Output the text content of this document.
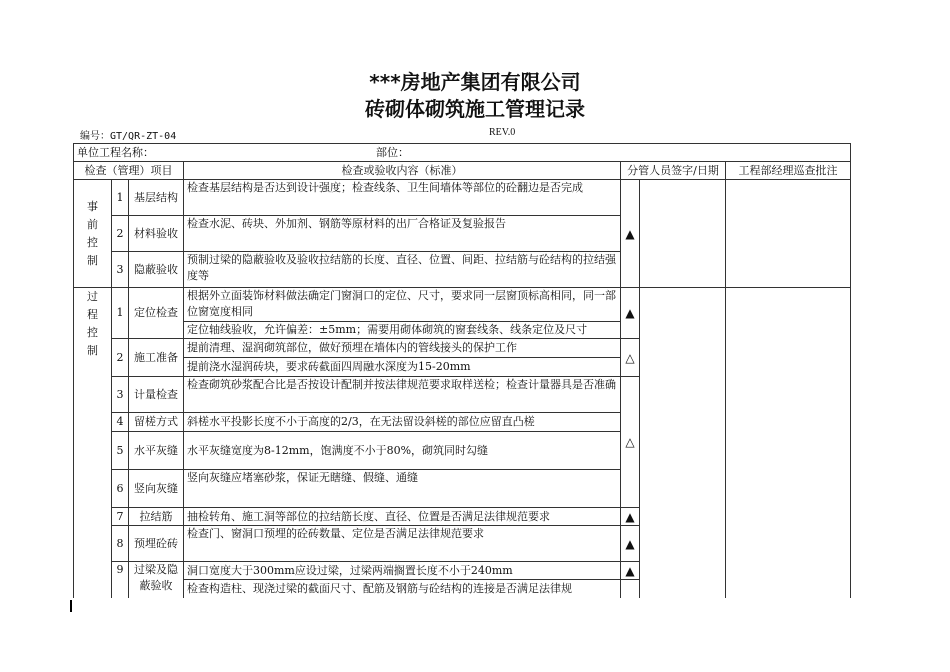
***房地产集团有限公司
砖砌体砌筑施工管理记录
编号：GT/QR-ZT-04	REV.0
单位工程名称： 部位：						
检查（管理）项目			检查或验收内容（标准）	分管人员签字/日期		工程部经理巡查批注
事
前
控
制	1	基层结构	检查基层结构是否达到设计强度；检查线条、卫生间墙体等部位的砼翻边是否完成	▲		
	2	材料验收	检查水泥、砖块、外加剂、钢筋等原材料的出厂合格证及复验报告			
	3	隐蔽验收	预制过梁的隐蔽验收及验收拉结筋的长度、直径、位置、间距、拉结筋与砼结构的拉结强度等			
过
程
控
制	1	定位检查	根据外立面装饰材料做法确定门窗洞口的定位、尺寸，要求同一层窗顶标高相同，同一部位窗宽度相同	▲		
			定位轴线验收，允许偏差：±5mm；需要用砌体砌筑的窗套线条、线条定位及尺寸			
	2	施工准备	提前清理、湿润砌筑部位，做好预埋在墙体内的管线接头的保护工作	△		
			提前浇水湿润砖块，要求砖截面四周融水深度为15-20mm			
	3	计量检查	检查砌筑砂浆配合比是否按设计配制并按法律规范要求取样送检；检查计量器具是否准确	△		
	4	留槎方式	斜槎水平投影长度不小于高度的2/3，在无法留设斜槎的部位应留直凸槎			
	5	水平灰缝	水平灰缝宽度为8-12mm，饱满度不小于80%，砌筑同时勾缝			
	6	竖向灰缝	竖向灰缝应堵塞砂浆，保证无瞎缝、假缝、通缝			
	7	拉结筋	抽检转角、施工洞等部位的拉结筋长度、直径、位置是否满足法律规范要求	▲		
	8	预埋砼砖	检查门、窗洞口预埋的砼砖数量、定位是否满足法律规范要求	▲		
	9	过梁及隐蔽验收	洞口宽度大于300mm应设过梁，过梁两端搁置长度不小于240mm	▲		
			检查构造柱、现浇过梁的截面尺寸、配筋及钢筋与砼结构的连接是否满足法律规			
